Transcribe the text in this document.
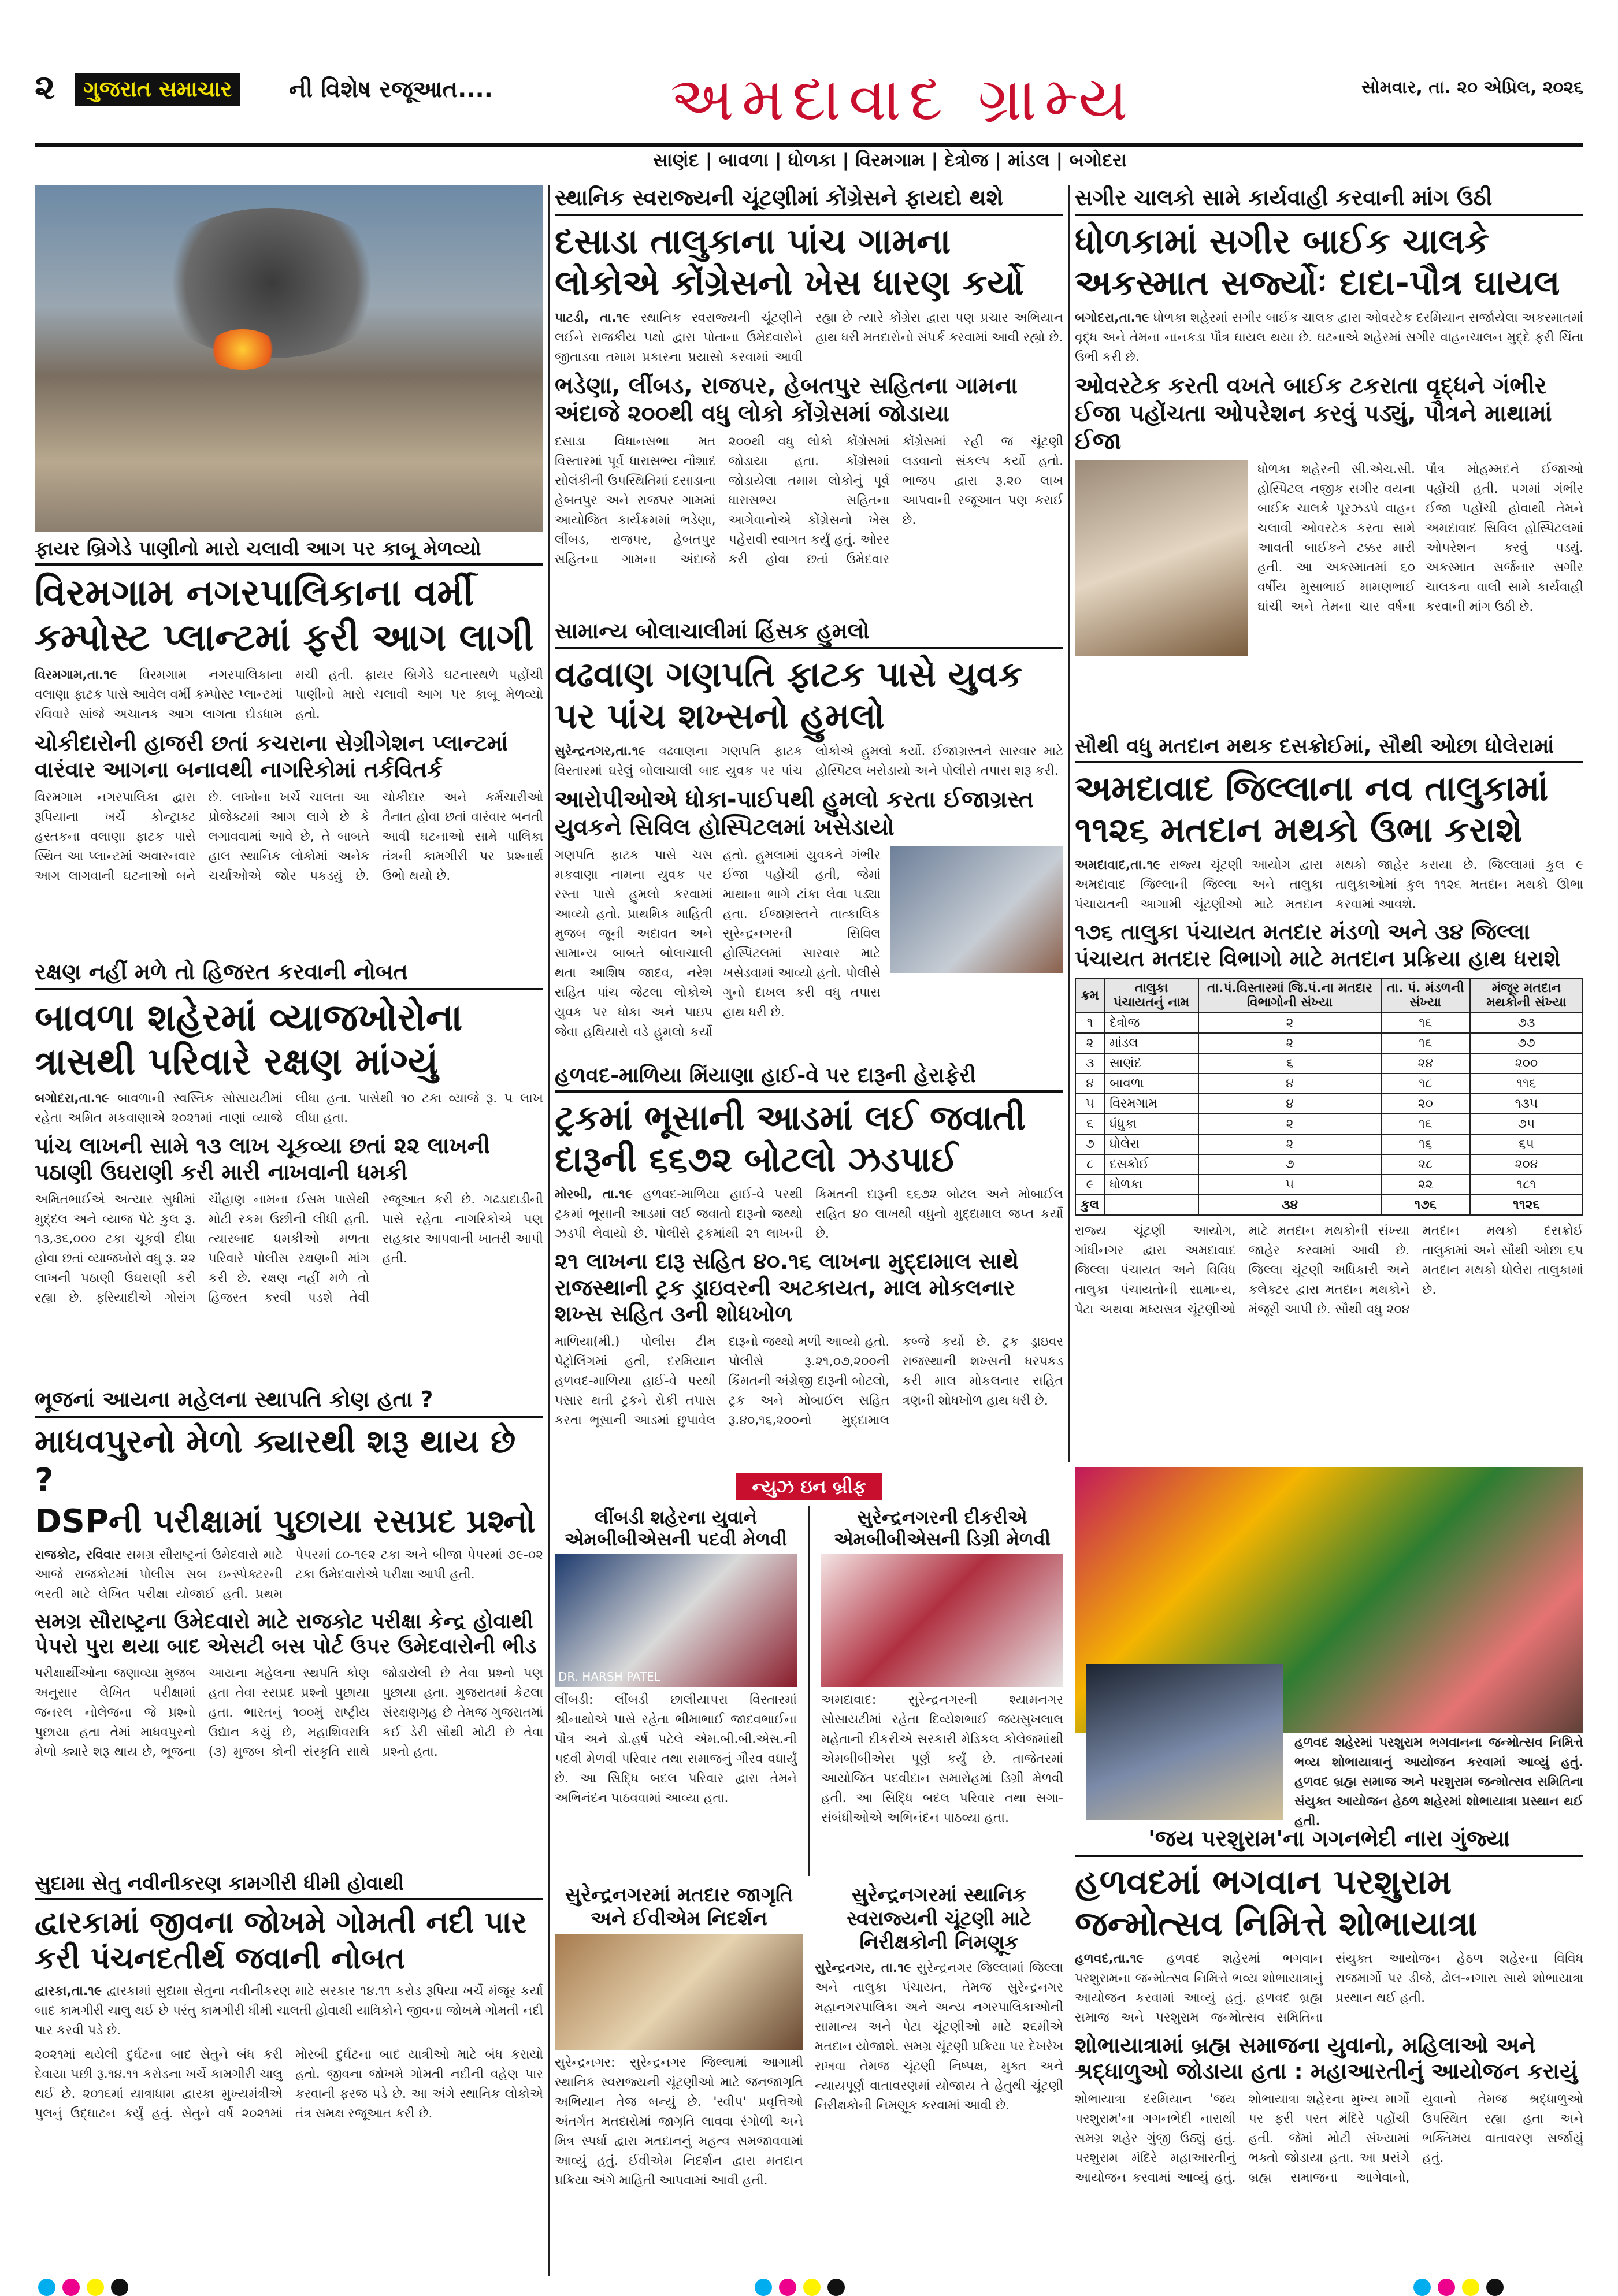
૨	ગુજરાત સમાચાર	ની વિશેષ રજૂઆત....	અમદાવાદ ગ્રામ્ય	સોમવાર, તા. ૨૦ એપ્રિલ, ૨૦૨૬
સાણંદ | બાવળા | ધોળકા | વિરમગામ | દેત્રોજ | માંડલ | બગોદરા
ફાયર બ્રિગેડે પાણીનો મારો ચલાવી આગ પર કાબૂ મેળવ્યો
વિરમગામ નગરપાલિકાના વર્મી કમ્પોસ્ટ પ્લાન્ટમાં ફરી આગ લાગી
વિરમગામ,તા.૧૯ વિરમગામ નગરપાલિકાના વલાણા ફાટક પાસે આવેલ વર્મી કમ્પોસ્ટ પ્લાન્ટમાં રવિવારે સાંજે અચાનક આગ લાગતા દોડધામ મચી હતી. ફાયર બ્રિગેડે ઘટનાસ્થળે પહોંચી પાણીનો મારો ચલાવી આગ પર કાબૂ મેળવ્યો હતો.
ચોકીદારોની હાજરી છતાં કચરાના સેગ્રીગેશન પ્લાન્ટમાં વારંવાર આગના બનાવથી નાગરિકોમાં તર્કવિતર્ક
વિરમગામ નગરપાલિકા દ્વારા રૂપિયાના ખર્ચે કોન્ટ્રાક્ટ હસ્તકના વલાણા ફાટક પાસે સ્થિત આ પ્લાન્ટમાં અવારનવાર આગ લાગવાની ઘટનાઓ બને છે. લાખોના ખર્ચે ચાલતા આ પ્રોજેક્ટમાં આગ લાગે છે કે લગાવવામાં આવે છે, તે બાબતે હાલ સ્થાનિક લોકોમાં અનેક ચર્ચાઓએ જોર પકડ્યું છે. ચોકીદાર અને કર્મચારીઓ તૈનાત હોવા છતાં વારંવાર બનતી આવી ઘટનાઓ સામે પાલિકા તંત્રની કામગીરી પર પ્રશ્નાર્થ ઉભો થયો છે.
રક્ષણ નહીં મળે તો હિજરત કરવાની નોબત
બાવળા શહેરમાં વ્યાજખોરોના ત્રાસથી પરિવારે રક્ષણ માંગ્યું
બગોદરા,તા.૧૯ બાવળાની સ્વસ્તિક સોસાયટીમાં રહેતા અમિત મકવાણાએ ૨૦૨૧માં નાણાં વ્યાજે લીધા હતા. પાસેથી ૧૦ ટકા વ્યાજે રૂ. ૫ લાખ લીધા હતા.
પાંચ લાખની સામે ૧૩ લાખ ચૂકવ્યા છતાં ૨૨ લાખની પઠાણી ઉઘરાણી કરી મારી નાખવાની ધમકી
અમિતભાઈએ અત્યાર સુધીમાં મુદ્દલ અને વ્યાજ પેટે કુલ રૂ. ૧૩,૩૬,૦૦૦ ટકા ચૂકવી દીધા હોવા છતાં વ્યાજખોરો વધુ રૂ. ૨૨ લાખની પઠાણી ઉઘરાણી કરી રહ્યા છે. ફરિયાદીએ ગોરાંગ ચૌહાણ નામના ઈસમ પાસેથી મોટી રકમ ઉછીની લીધી હતી. ત્યારબાદ ધમકીઓ મળતા પરિવારે પોલીસ રક્ષણની માંગ કરી છે. રક્ષણ નહીં મળે તો હિજરત કરવી પડશે તેવી રજૂઆત કરી છે. ગઢડાદાડીની પાસે રહેતા નાગરિકોએ પણ સહકાર આપવાની ખાતરી આપી હતી.
ભૂજનાં આયના મહેલના સ્થાપતિ કોણ હતા ?
માધવપુરનો મેળો ક્યારથી શરૂ થાય છે ?
DSPની પરીક્ષામાં પુછાયા રસપ્રદ પ્રશ્નો
રાજકોટ, રવિવાર સમગ્ર સૌરાષ્ટ્રનાં ઉમેદવારો માટે આજે રાજકોટમાં પોલીસ સબ ઇન્સ્પેક્ટરની ભરતી માટે લેખિત પરીક્ષા યોજાઈ હતી. પ્રથમ પેપરમાં ૮૦-૧૯૨ ટકા અને બીજા પેપરમાં ૭૯-૦૨ ટકા ઉમેદવારોએ પરીક્ષા આપી હતી.
સમગ્ર સૌરાષ્ટ્રના ઉમેદવારો માટે રાજકોટ પરીક્ષા કેન્દ્ર હોવાથી પેપરો પુરા થયા બાદ એસટી બસ પોર્ટ ઉપર ઉમેદવારોની ભીડ
પરીક્ષાર્થીઓના જણાવ્યા મુજબ અનુસાર લેખિત પરીક્ષામાં જનરલ નોલેજના જે પ્રશ્નો પુછાયા હતા તેમાં માધવપુરનો મેળો ક્યારે શરૂ થાય છે, ભૂજના આયના મહેલના સ્થપતિ કોણ હતા તેવા રસપ્રદ પ્રશ્નો પુછાયા હતા. ભારતનું ૧૦૦મું રાષ્ટ્રીય ઉદ્યાન કયું છે, મહાશિવરાત્રિ (૩) મુજબ કોની સંસ્કૃતિ સાથે જોડાયેલી છે તેવા પ્રશ્નો પણ પુછાયા હતા. ગુજરાતમાં કેટલા સંરક્ષણગૃહ છે તેમજ ગુજરાતમાં કઈ ડેરી સૌથી મોટી છે તેવા પ્રશ્નો હતા.
સુદામા સેતુ નવીનીકરણ કામગીરી ધીમી હોવાથી
દ્વારકામાં જીવના જોખમે ગોમતી નદી પાર કરી પંચનદતીર્થ જવાની નોબત
દ્વારકા,તા.૧૯ દ્વારકામાં સુદામા સેતુના નવીનીકરણ માટે સરકાર ૧૪.૧૧ કરોડ રૂપિયા ખર્ચે મંજૂર કર્યા બાદ કામગીરી ચાલુ થઈ છે પરંતુ કામગીરી ધીમી ચાલતી હોવાથી યાત્રિકોને જીવના જોખમે ગોમતી નદી પાર કરવી પડે છે.
૨૦૨૧માં થયેલી દુર્ઘટના બાદ સેતુને બંધ કરી દેવાયા પછી રૂ.૧૪.૧૧ કરોડના ખર્ચે કામગીરી ચાલુ થઈ છે. ૨૦૧૬માં યાત્રાધામ દ્વારકા મુખ્યમંત્રીએ પુલનું ઉદ્ઘાટન કર્યું હતું. સેતુને વર્ષ ૨૦૨૧માં મોરબી દુર્ઘટના બાદ યાત્રીઓ માટે બંધ કરાયો હતો. જીવના જોખમે ગોમતી નદીની વહેણ પાર કરવાની ફરજ પડે છે. આ અંગે સ્થાનિક લોકોએ તંત્ર સમક્ષ રજૂઆત કરી છે.
સ્થાનિક સ્વરાજ્યની ચૂંટણીમાં કોંગ્રેસને ફાયદો થશે
દસાડા તાલુકાના પાંચ ગામના લોકોએ કોંગ્રેસનો ખેસ ધારણ કર્યો
પાટડી, તા.૧૯ સ્થાનિક સ્વરાજ્યની ચૂંટણીને લઈને રાજકીય પક્ષો દ્વારા પોતાના ઉમેદવારોને જીતાડવા તમામ પ્રકારના પ્રયાસો કરવામાં આવી રહ્યા છે ત્યારે કોંગ્રેસ દ્વારા પણ પ્રચાર અભિયાન હાથ ધરી મતદારોનો સંપર્ક કરવામાં આવી રહ્યો છે.
ભડેણા, લીંબડ, રાજપર, હેબતપુર સહિતના ગામના અંદાજે ૨૦૦થી વધુ લોકો કોંગ્રેસમાં જોડાયા
દસાડા વિધાનસભા મત વિસ્તારમાં પૂર્વ ધારાસભ્ય નૌશાદ સોલંકીની ઉપસ્થિતિમાં દસાડાના હેબતપુર અને રાજપર ગામમાં આયોજિત કાર્યક્રમમાં ભડેણા, લીંબડ, રાજપર, હેબતપુર સહિતના ગામના અંદાજે ૨૦૦થી વધુ લોકો કોંગ્રેસમાં જોડાયા હતા. કોંગ્રેસમાં જોડાયેલા તમામ લોકોનું પૂર્વ ધારાસભ્ય સહિતના આગેવાનોએ કોંગ્રેસનો ખેસ પહેરાવી સ્વાગત કર્યું હતું. ઓરર કરી હોવા છતાં ઉમેદવાર કોંગ્રેસમાં રહી જ ચૂંટણી લડવાનો સંકલ્પ કર્યો હતો. ભાજપ દ્વારા રૂ.૨૦ લાખ આપવાની રજૂઆત પણ કરાઈ છે.
સામાન્ય બોલાચાલીમાં હિંસક હુમલો
વઢવાણ ગણપતિ ફાટક પાસે યુવક પર પાંચ શખ્સનો હુમલો
સુરેન્દ્રનગર,તા.૧૯ વઢવાણના ગણપતિ ફાટક વિસ્તારમાં ઘરેલું બોલાચાલી બાદ યુવક પર પાંચ લોકોએ હુમલો કર્યો. ઈજાગ્રસ્તને સારવાર માટે હોસ્પિટલ ખસેડાયો અને પોલીસે તપાસ શરૂ કરી.
આરોપીઓએ ધોકા-પાઈપથી હુમલો કરતા ઈજાગ્રસ્ત યુવકને સિવિલ હોસ્પિટલમાં ખસેડાયો
ગણપતિ ફાટક પાસે ચસ મકવાણા નામના યુવક પર રસ્તા પાસે હુમલો કરવામાં આવ્યો હતો. પ્રાથમિક માહિતી મુજબ જૂની અદાવત અને સામાન્ય બાબતે બોલાચાલી થતા આશિષ જાદવ, નરેશ સહિત પાંચ જેટલા લોકોએ યુવક પર ધોકા અને પાઇપ જેવા હથિયારો વડે હુમલો કર્યો હતો. હુમલામાં યુવકને ગંભીર ઈજા પહોંચી હતી, જેમાં માથાના ભાગે ટાંકા લેવા પડ્યા હતા. ઈજાગ્રસ્તને તાત્કાલિક સુરેન્દ્રનગરની સિવિલ હોસ્પિટલમાં સારવાર માટે ખસેડવામાં આવ્યો હતો. પોલીસે ગુનો દાખલ કરી વધુ તપાસ હાથ ધરી છે.
હળવદ-માળિયા મિંયાણા હાઈ-વે પર દારૂની હેરાફેરી
ટ્રકમાં ભૂસાની આડમાં લઈ જવાતી દારૂની ૬૬૭૨ બોટલો ઝડપાઈ
મોરબી, તા.૧૯ હળવદ-માળિયા હાઈ-વે પરથી ટ્રકમાં ભૂસાની આડમાં લઈ જવાતો દારૂનો જથ્થો ઝડપી લેવાયો છે. પોલીસે ટ્રકમાંથી ૨૧ લાખની કિમતની દારૂની ૬૬૭૨ બોટલ અને મોબાઈલ સહિત ૪૦ લાખથી વધુનો મુદ્દામાલ જપ્ત કર્યો છે.
૨૧ લાખના દારૂ સહિત ૪૦.૧૬ લાખના મુદ્દામાલ સાથે રાજસ્થાની ટ્રક ડ્રાઇવરની અટકાયત, માલ મોકલનાર શખ્સ સહિત ૩ની શોધખોળ
માળિયા(મી.) પોલીસ ટીમ પેટ્રોલિંગમાં હતી, દરમિયાન હળવદ-માળિયા હાઈ-વે પરથી પસાર થતી ટ્રકને રોકી તપાસ કરતા ભૂસાની આડમાં છુપાવેલ દારૂનો જથ્થો મળી આવ્યો હતો. પોલીસે રૂ.૨૧,૦૭,૨૦૦ની કિંમતની અંગ્રેજી દારૂની બોટલો, ટ્રક અને મોબાઈલ સહિત રૂ.૪૦,૧૬,૨૦૦નો મુદ્દામાલ કબ્જે કર્યો છે. ટ્રક ડ્રાઇવર રાજસ્થાની શખ્સની ધરપકડ કરી માલ મોકલનાર સહિત ત્રણની શોધખોળ હાથ ધરી છે.
ન્યુઝ ઇન બ્રીફ
લીંબડી શહેરના યુવાને એમબીબીએસની પદવી મેળવી
DR. HARSH PATEL
લીંબડી: લીંબડી છાલીયાપરા વિસ્તારમાં શ્રીનાથોએ પાસે રહેતા ભીમાભાઈ જાદવભાઈના પૌત્ર અને ડો.હર્ષ પટેલે એમ.બી.બી.એસ.ની પદવી મેળવી પરિવાર તથા સમાજનું ગૌરવ વધાર્યું છે. આ સિદ્ધિ બદલ પરિવાર દ્વારા તેમને અભિનંદન પાઠવવામાં આવ્યા હતા.
સુરેન્દ્રનગરની દીકરીએ એમબીબીએસની ડિગ્રી મેળવી
અમદાવાદ: સુરેન્દ્રનગરની શ્યામનગર સોસાયટીમાં રહેતા દિવ્યેશભાઈ જયસુખલાલ મહેતાની દીકરીએ સરકારી મેડિકલ કોલેજમાંથી એમબીબીએસ પૂર્ણ કર્યું છે. તાજેતરમાં આયોજિત પદવીદાન સમારોહમાં ડિગ્રી મેળવી હતી. આ સિદ્ધિ બદલ પરિવાર તથા સગા-સંબંધીઓએ અભિનંદન પાઠવ્યા હતા.
સુરેન્દ્રનગરમાં મતદાર જાગૃતિ અને ઈવીએમ નિદર્શન
સુરેન્દ્રનગર: સુરેન્દ્રનગર જિલ્લામાં આગામી સ્થાનિક સ્વરાજ્યની ચૂંટણીઓ માટે જનજાગૃતિ અભિયાન તેજ બન્યું છે. 'સ્વીપ' પ્રવૃત્તિઓ અંતર્ગત મતદારોમાં જાગૃતિ લાવવા રંગોળી અને મિત્ર સ્પર્ધા દ્વારા મતદાનનું મહત્વ સમજાવવામાં આવ્યું હતું. ઈવીએમ નિદર્શન દ્વારા મતદાન પ્રક્રિયા અંગે માહિતી આપવામાં આવી હતી.
સુરેન્દ્રનગરમાં સ્થાનિક સ્વરાજ્યની ચૂંટણી માટે નિરીક્ષકોની નિમણૂક
સુરેન્દ્રનગર, તા.૧૯ સુરેન્દ્રનગર જિલ્લામાં જિલ્લા અને તાલુકા પંચાયત, તેમજ સુરેન્દ્રનગર મહાનગરપાલિકા અને અન્ય નગરપાલિકાઓની સામાન્ય અને પેટા ચૂંટણીઓ માટે ૨૬મીએ મતદાન યોજાશે. સમગ્ર ચૂંટણી પ્રક્રિયા પર દેખરેખ રાખવા તેમજ ચૂંટણી નિષ્પક્ષ, મુક્ત અને ન્યાયપૂર્ણ વાતાવરણમાં યોજાય તે હેતુથી ચૂંટણી નિરીક્ષકોની નિમણૂક કરવામાં આવી છે.
સગીર ચાલકો સામે કાર્યવાહી કરવાની માંગ ઉઠી
ધોળકામાં સગીર બાઈક ચાલકે અકસ્માત સર્જ્યોઃ દાદા-પૌત્ર ઘાયલ
બગોદરા,તા.૧૯ ધોળકા શહેરમાં સગીર બાઈક ચાલક દ્વારા ઓવરટેક દરમિયાન સર્જાયેલા અકસ્માતમાં વૃદ્ધ અને તેમના નાનકડા પૌત્ર ઘાયલ થયા છે. ઘટનાએ શહેરમાં સગીર વાહનચાલન મુદ્દે ફરી ચિંતા ઉભી કરી છે.
ઓવરટેક કરતી વખતે બાઈક ટકરાતા વૃદ્ધને ગંભીર ઈજા પહોંચતા ઓપરેશન કરવું પડ્યું, પૌત્રને માથામાં ઈજા
ધોળકા શહેરની સી.એચ.સી. હોસ્પિટલ નજીક સગીર વયના બાઈક ચાલકે પૂરઝડપે વાહન ચલાવી ઓવરટેક કરતા સામે આવતી બાઈકને ટક્કર મારી હતી. આ અકસ્માતમાં ૬૦ વર્ષીય મુસાભાઈ મામણભાઈ ઘાંચી અને તેમના ચાર વર્ષના પૌત્ર મોહમ્મદને ઈજાઓ પહોંચી હતી. પગમાં ગંભીર ઈજા પહોંચી હોવાથી તેમને અમદાવાદ સિવિલ હોસ્પિટલમાં ઓપરેશન કરવું પડ્યું. અકસ્માત સર્જનાર સગીર ચાલકના વાલી સામે કાર્યવાહી કરવાની માંગ ઉઠી છે.
સૌથી વધુ મતદાન મથક દસક્રોઈમાં, સૌથી ઓછા ધોલેરામાં
અમદાવાદ જિલ્લાના નવ તાલુકામાં ૧૧૨૬ મતદાન મથકો ઉભા કરાશે
અમદાવાદ,તા.૧૯ રાજ્ય ચૂંટણી આયોગ દ્વારા અમદાવાદ જિલ્લાની જિલ્લા અને તાલુકા પંચાયતની આગામી ચૂંટણીઓ માટે મતદાન મથકો જાહેર કરાયા છે. જિલ્લામાં કુલ ૯ તાલુકાઓમાં કુલ ૧૧૨૬ મતદાન મથકો ઊભા કરવામાં આવશે.
૧૭૬ તાલુકા પંચાયત મતદાર મંડળો અને ૩૪ જિલ્લા પંચાયત મતદાર વિભાગો માટે મતદાન પ્રક્રિયા હાથ ધરાશે
ક્રમ	તાલુકા પંચાયતનું નામ	તા.પં.વિસ્તારમાં જિ.પં.ના મતદાર વિભાગોની સંખ્યા	તા. પં. મંડળની સંખ્યા	મંજૂર મતદાન મથકોની સંખ્યા
૧	દેત્રોજ	૨	૧૬	૭૩
૨	માંડલ	૨	૧૬	૭૭
૩	સાણંદ	૬	૨૪	૨૦૦
૪	બાવળા	૪	૧૮	૧૧૬
૫	વિરમગામ	૪	૨૦	૧૩૫
૬	ધંધુકા	૨	૧૬	૭૫
૭	ધોલેરા	૨	૧૬	૬૫
૮	દસક્રોઈ	૭	૨૮	૨૦૪
૯	ધોળકા	૫	૨૨	૧૮૧
કુલ		૩૪	૧૭૬	૧૧૨૬
રાજ્ય ચૂંટણી આયોગ, ગાંધીનગર દ્વારા અમદાવાદ જિલ્લા પંચાયત અને વિવિધ તાલુકા પંચાયતોની સામાન્ય, પેટા અથવા મધ્યસત્ર ચૂંટણીઓ માટે મતદાન મથકોની સંખ્યા જાહેર કરવામાં આવી છે. જિલ્લા ચૂંટણી અધિકારી અને કલેક્ટર દ્વારા મતદાન મથકોને મંજૂરી આપી છે. સૌથી વધુ ૨૦૪ મતદાન મથકો દસક્રોઈ તાલુકામાં અને સૌથી ઓછા ૬૫ મતદાન મથકો ધોલેરા તાલુકામાં છે.
હળવદ શહેરમાં પરશુરામ ભગવાનના જન્મોત્સવ નિમિત્તે ભવ્ય શોભાયાત્રાનું આયોજન કરવામાં આવ્યું હતું. હળવદ બ્રહ્મ સમાજ અને પરશુરામ જન્મોત્સવ સમિતિના સંયુક્ત આયોજન હેઠળ શહેરમાં શોભાયાત્રા પ્રસ્થાન થઈ હતી.
'જય પરશુરામ'ના ગગનભેદી નારા ગુંજ્યા
હળવદમાં ભગવાન પરશુરામ જન્મોત્સવ નિમિત્તે શોભાયાત્રા
હળવદ,તા.૧૯ હળવદ શહેરમાં ભગવાન પરશુરામના જન્મોત્સવ નિમિત્તે ભવ્ય શોભાયાત્રાનું આયોજન કરવામાં આવ્યું હતું. હળવદ બ્રહ્મ સમાજ અને પરશુરામ જન્મોત્સવ સમિતિના સંયુક્ત આયોજન હેઠળ શહેરના વિવિધ રાજમાર્ગો પર ડીજે, ઢોલ-નગારા સાથે શોભાયાત્રા પ્રસ્થાન થઈ હતી.
શોભાયાત્રામાં બ્રહ્મ સમાજના યુવાનો, મહિલાઓ અને શ્રદ્ધાળુઓ જોડાયા હતા : મહાઆરતીનું આયોજન કરાયું
શોભાયાત્રા દરમિયાન 'જય પરશુરામ'ના ગગનભેદી નારાથી સમગ્ર શહેર ગુંજી ઉઠ્યું હતું. પરશુરામ મંદિરે મહાઆરતીનું આયોજન કરવામાં આવ્યું હતું. શોભાયાત્રા શહેરના મુખ્ય માર્ગો પર ફરી પરત મંદિરે પહોંચી હતી. જેમાં મોટી સંખ્યામાં ભક્તો જોડાયા હતા. આ પ્રસંગે બ્રહ્મ સમાજના આગેવાનો, યુવાનો તેમજ શ્રદ્ધાળુઓ ઉપસ્થિત રહ્યા હતા અને ભક્તિમય વાતાવરણ સર્જાયું હતું.
